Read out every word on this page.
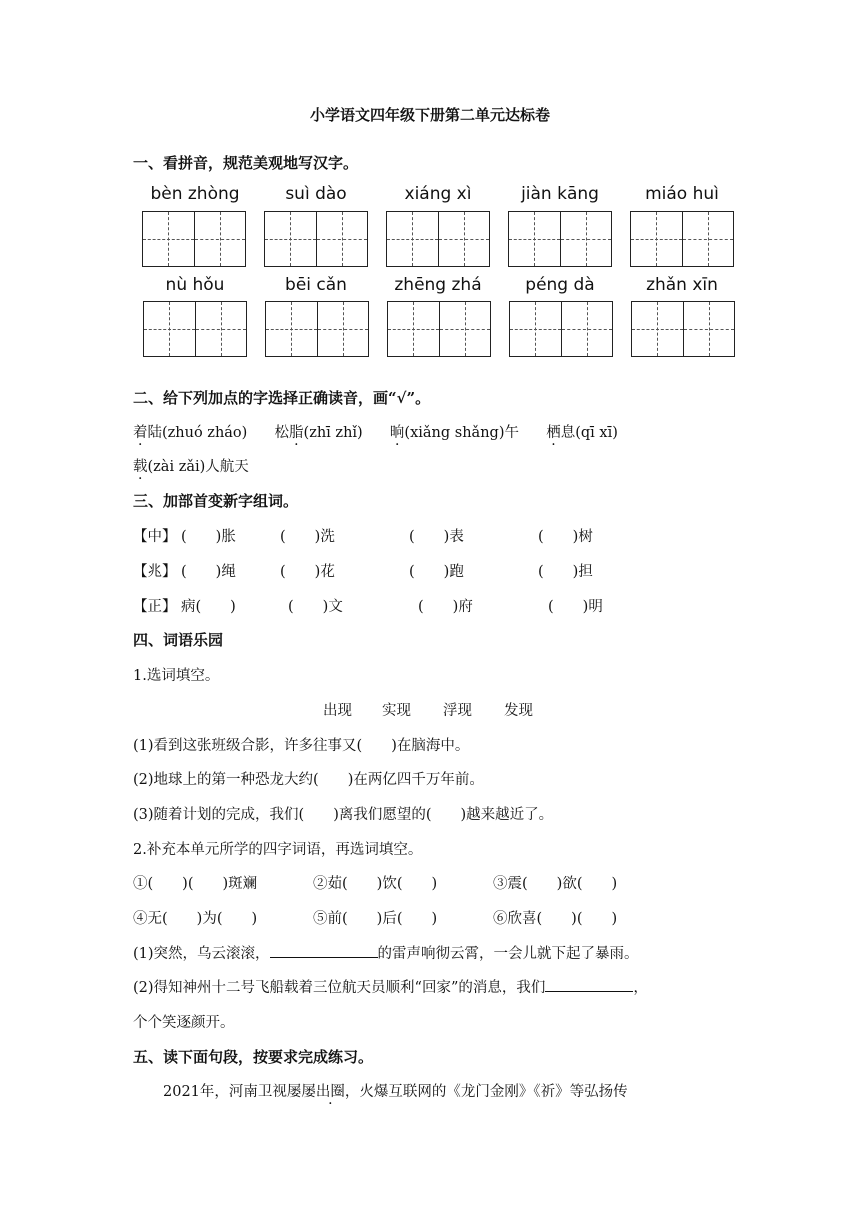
小学语文四年级下册第二单元达标卷
一、看拼音，规范美观地写汉字。
bèn zhòng	suì dào	xiáng xì	jiàn kāng	miáo huì
nù hǒu	bēi cǎn	zhēng zhá	péng dà	zhǎn xīn
二、给下列加点的字选择正确读音，画“√”。
着陆(zhuó zháo) 松脂(zhī zhǐ) 晌(xiǎng shǎng)午 栖息(qī xī)
载(zài zǎi)人航天
三、加部首变新字组词。
【中】 (　　)胀	(　　)洗	(　　)表	(　　)树
【兆】 (　　)绳	(　　)花	(　　)跑	(　　)担
【正】 病(　　)	(　　)文	(　　)府	(　　)明
四、词语乐园
1.选词填空。
出现 实现 浮现 发现
(1)看到这张班级合影，许多往事又(　　)在脑海中。
(2)地球上的第一种恐龙大约(　　)在两亿四千万年前。
(3)随着计划的完成，我们(　　)离我们愿望的(　　)越来越近了。
2.补充本单元所学的四字词语，再选词填空。
①(　　)(　　)斑斓	②茹(　　)饮(　　)	③震(　　)欲(　　)
④无(　　)为(　　)	⑤前(　　)后(　　)	⑥欣喜(　　)(　　)
(1)突然，乌云滚滚，	的雷声响彻云霄，一会儿就下起了暴雨。
(2)得知神州十二号飞船载着三位航天员顺利“回家”的消息，我们	，
个个笑逐颜开。
五、读下面句段，按要求完成练习。
2021年，河南卫视屡屡出圈，火爆互联网的《龙门金刚》《祈》等弘扬传
